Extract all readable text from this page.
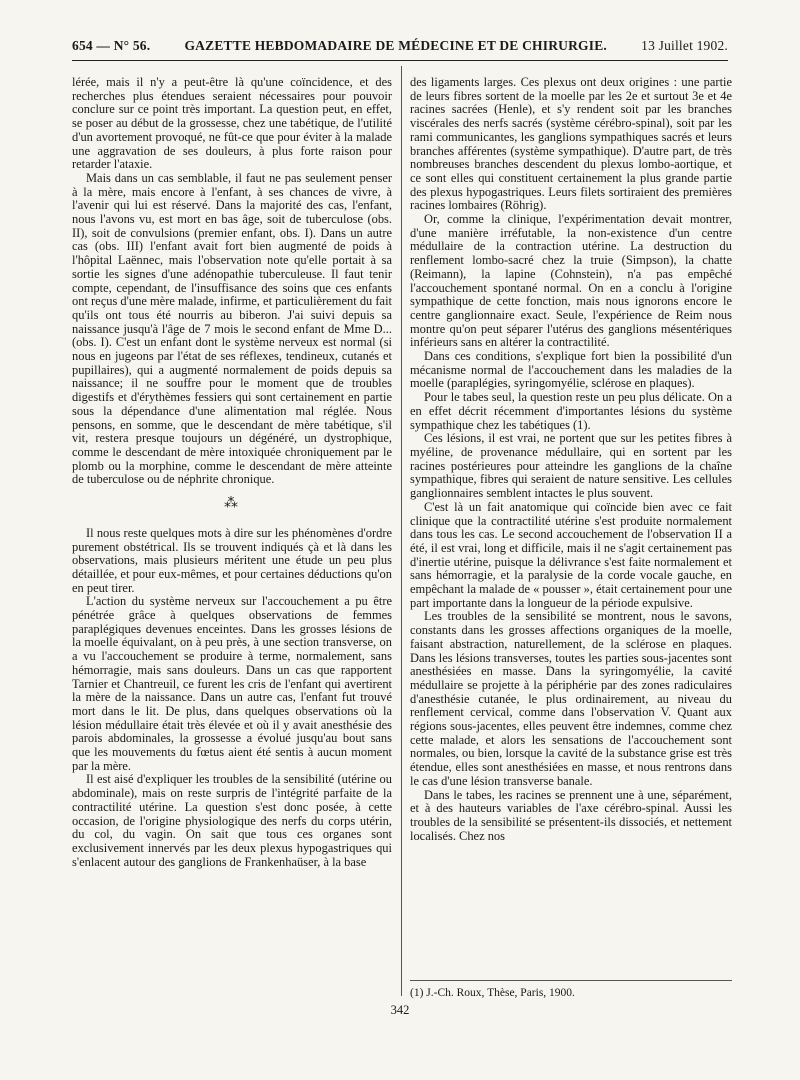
654 — N° 56.	GAZETTE HEBDOMADAIRE DE MÉDECINE ET DE CHIRURGIE.	13 Juillet 1902.

lérée, mais il n'y a peut-être là qu'une coïncidence, et des recherches plus étendues seraient nécessaires pour pouvoir conclure sur ce point très important. La question peut, en effet, se poser au début de la grossesse, chez une tabétique, de l'utilité d'un avortement provoqué, ne fût-ce que pour éviter à la malade une aggravation de ses douleurs, à plus forte raison pour retarder l'ataxie.

Mais dans un cas semblable, il faut ne pas seulement penser à la mère, mais encore à l'enfant, à ses chances de vivre, à l'avenir qui lui est réservé. Dans la majorité des cas, l'enfant, nous l'avons vu, est mort en bas âge, soit de tuberculose (obs. II), soit de convulsions (premier enfant, obs. I). Dans un autre cas (obs. III) l'enfant avait fort bien augmenté de poids à l'hôpital Laënnec, mais l'observation note qu'elle portait à sa sortie les signes d'une adénopathie tuberculeuse. Il faut tenir compte, cependant, de l'insuffisance des soins que ces enfants ont reçus d'une mère malade, infirme, et particulièrement du fait qu'ils ont tous été nourris au biberon. J'ai suivi depuis sa naissance jusqu'à l'âge de 7 mois le second enfant de Mme D... (obs. I). C'est un enfant dont le système nerveux est normal (si nous en jugeons par l'état de ses réflexes, tendineux, cutanés et pupillaires), qui a augmenté normalement de poids depuis sa naissance; il ne souffre pour le moment que de troubles digestifs et d'érythèmes fessiers qui sont certainement en partie sous la dépendance d'une alimentation mal réglée. Nous pensons, en somme, que le descendant de mère tabétique, s'il vit, restera presque toujours un dégénéré, un dystrophique, comme le descendant de mère intoxiquée chroniquement par le plomb ou la morphine, comme le descendant de mère atteinte de tuberculose ou de néphrite chronique.

⁂

Il nous reste quelques mots à dire sur les phénomènes d'ordre purement obstétrical. Ils se trouvent indiqués çà et là dans les observations, mais plusieurs méritent une étude un peu plus détaillée, et pour eux-mêmes, et pour certaines déductions qu'on en peut tirer.

L'action du système nerveux sur l'accouchement a pu être pénétrée grâce à quelques observations de femmes paraplégiques devenues enceintes. Dans les grosses lésions de la moelle équivalant, on à peu près, à une section transverse, on a vu l'accouchement se produire à terme, normalement, sans hémorragie, mais sans douleurs. Dans un cas que rapportent Tarnier et Chantreuil, ce furent les cris de l'enfant qui avertirent la mère de la naissance. Dans un autre cas, l'enfant fut trouvé mort dans le lit. De plus, dans quelques observations où la lésion médullaire était très élevée et où il y avait anesthésie des parois abdominales, la grossesse a évolué jusqu'au bout sans que les mouvements du fœtus aient été sentis à aucun moment par la mère.

Il est aisé d'expliquer les troubles de la sensibilité (utérine ou abdominale), mais on reste surpris de l'intégrité parfaite de la contractilité utérine. La question s'est donc posée, à cette occasion, de l'origine physiologique des nerfs du corps utérin, du col, du vagin. On sait que tous ces organes sont exclusivement innervés par les deux plexus hypogastriques qui s'enlacent autour des ganglions de Frankenhaüser, à la base

des ligaments larges. Ces plexus ont deux origines : une partie de leurs fibres sortent de la moelle par les 2e et surtout 3e et 4e racines sacrées (Henle), et s'y rendent soit par les branches viscérales des nerfs sacrés (système cérébro-spinal), soit par les rami communicantes, les ganglions sympathiques sacrés et leurs branches afférentes (système sympathique). D'autre part, de très nombreuses branches descendent du plexus lombo-aortique, et ce sont elles qui constituent certainement la plus grande partie des plexus hypogastriques. Leurs filets sortiraient des premières racines lombaires (Röhrig).

Or, comme la clinique, l'expérimentation devait montrer, d'une manière irréfutable, la non-existence d'un centre médullaire de la contraction utérine. La destruction du renflement lombo-sacré chez la truie (Simpson), la chatte (Reimann), la lapine (Cohnstein), n'a pas empêché l'accouchement spontané normal. On en a conclu à l'origine sympathique de cette fonction, mais nous ignorons encore le centre ganglionnaire exact. Seule, l'expérience de Reim nous montre qu'on peut séparer l'utérus des ganglions mésentériques inférieurs sans en altérer la contractilité.

Dans ces conditions, s'explique fort bien la possibilité d'un mécanisme normal de l'accouchement dans les maladies de la moelle (paraplégies, syringomyélie, sclérose en plaques).

Pour le tabes seul, la question reste un peu plus délicate. On a en effet décrit récemment d'importantes lésions du système sympathique chez les tabétiques (1).

Ces lésions, il est vrai, ne portent que sur les petites fibres à myéline, de provenance médullaire, qui en sortent par les racines postérieures pour atteindre les ganglions de la chaîne sympathique, fibres qui seraient de nature sensitive. Les cellules ganglionnaires semblent intactes le plus souvent.

C'est là un fait anatomique qui coïncide bien avec ce fait clinique que la contractilité utérine s'est produite normalement dans tous les cas. Le second accouchement de l'observation II a été, il est vrai, long et difficile, mais il ne s'agit certainement pas d'inertie utérine, puisque la délivrance s'est faite normalement et sans hémorragie, et la paralysie de la corde vocale gauche, en empêchant la malade de « pousser », était certainement pour une part importante dans la longueur de la période expulsive.

Les troubles de la sensibilité se montrent, nous le savons, constants dans les grosses affections organiques de la moelle, faisant abstraction, naturellement, de la sclérose en plaques. Dans les lésions transverses, toutes les parties sous-jacentes sont anesthésiées en masse. Dans la syringomyélie, la cavité médullaire se projette à la périphérie par des zones radiculaires d'anesthésie cutanée, le plus ordinairement, au niveau du renflement cervical, comme dans l'observation V. Quant aux régions sous-jacentes, elles peuvent être indemnes, comme chez cette malade, et alors les sensations de l'accouchement sont normales, ou bien, lorsque la cavité de la substance grise est très étendue, elles sont anesthésiées en masse, et nous rentrons dans le cas d'une lésion transverse banale.

Dans le tabes, les racines se prennent une à une, séparément, et à des hauteurs variables de l'axe cérébro-spinal. Aussi les troubles de la sensibilité se présentent-ils dissociés, et nettement localisés. Chez nos

(1) J.-Ch. Roux, Thèse, Paris, 1900.
342
